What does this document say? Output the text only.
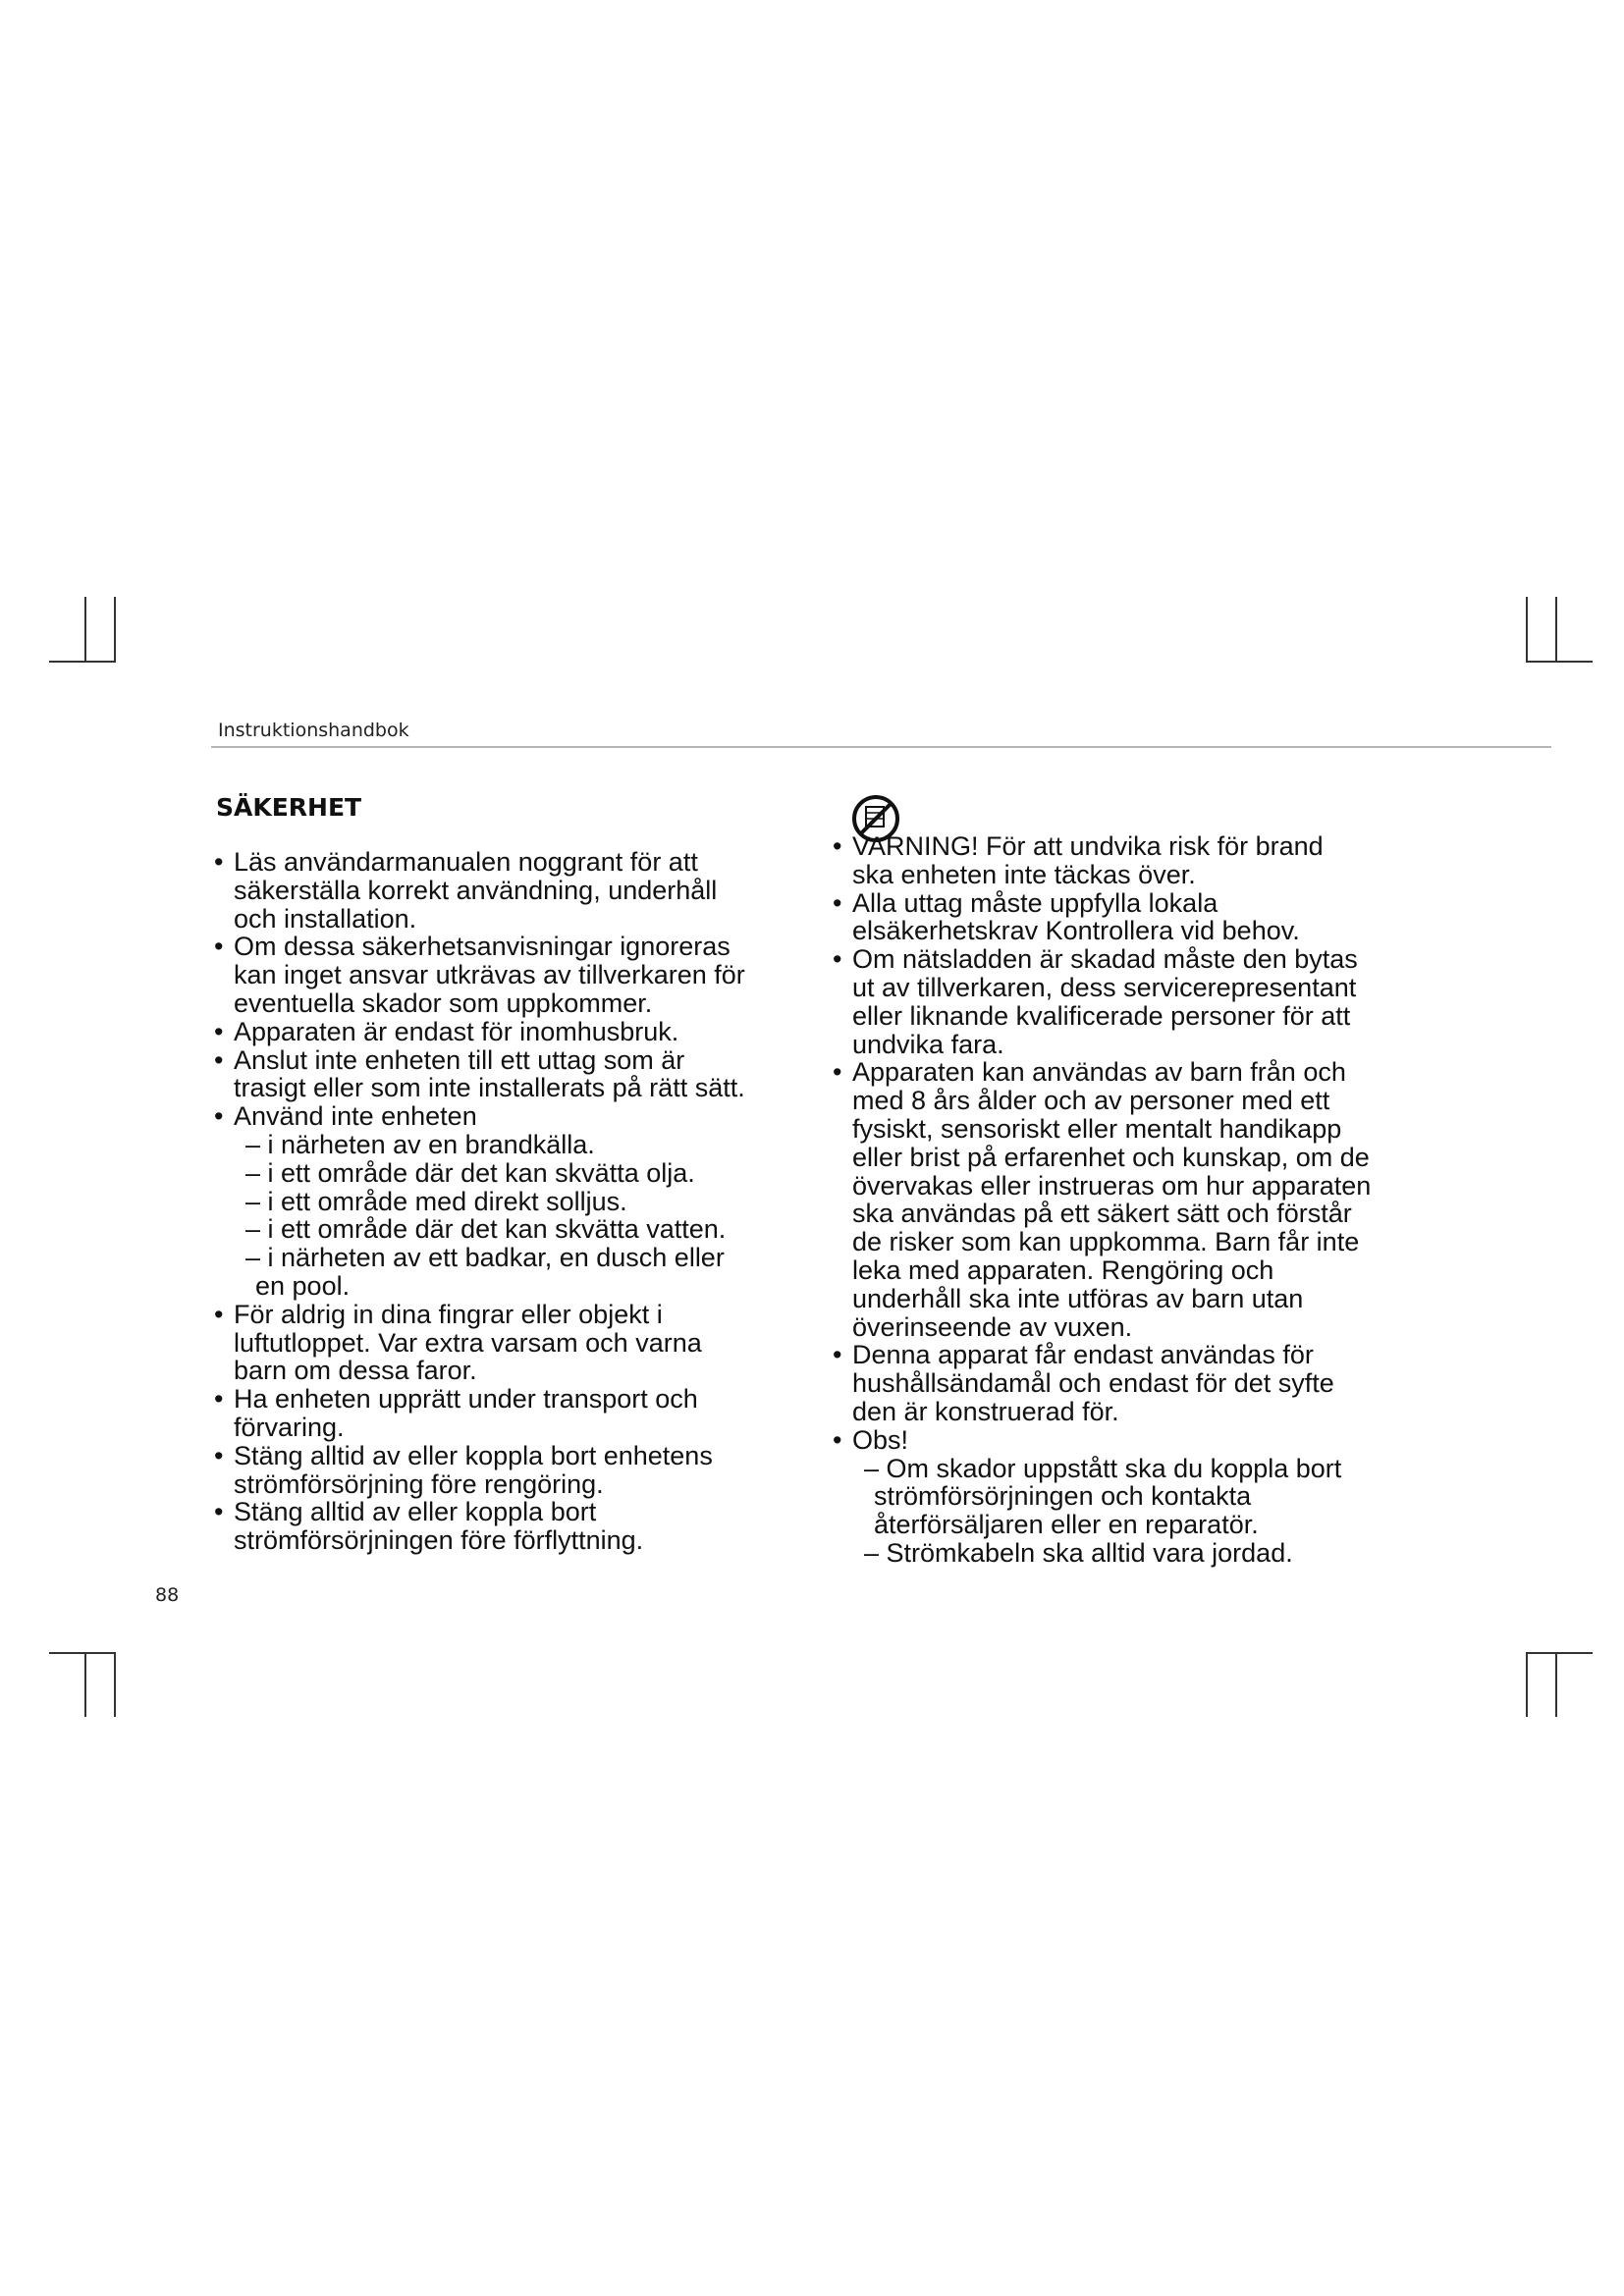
Instruktionshandbok
SÄKERHET
• Läs användarmanualen noggrant för att
säkerställa korrekt användning, underhåll
och installation.
• Om dessa säkerhetsanvisningar ignoreras
kan inget ansvar utkrävas av tillverkaren för
eventuella skador som uppkommer.
• Apparaten är endast för inomhusbruk.
• Anslut inte enheten till ett uttag som är
trasigt eller som inte installerats på rätt sätt.
• Använd inte enheten
– i närheten av en brandkälla.
– i ett område där det kan skvätta olja.
– i ett område med direkt solljus.
– i ett område där det kan skvätta vatten.
– i närheten av ett badkar, en dusch eller
en pool.
• För aldrig in dina fingrar eller objekt i
luftutloppet. Var extra varsam och varna
barn om dessa faror.
• Ha enheten upprätt under transport och
förvaring.
• Stäng alltid av eller koppla bort enhetens
strömförsörjning före rengöring.
• Stäng alltid av eller koppla bort
strömförsörjningen före förflyttning.
• VARNING! För att undvika risk för brand
ska enheten inte täckas över.
• Alla uttag måste uppfylla lokala
elsäkerhetskrav Kontrollera vid behov.
• Om nätsladden är skadad måste den bytas
ut av tillverkaren, dess servicerepresentant
eller liknande kvalificerade personer för att
undvika fara.
• Apparaten kan användas av barn från och
med 8 års ålder och av personer med ett
fysiskt, sensoriskt eller mentalt handikapp
eller brist på erfarenhet och kunskap, om de
övervakas eller instrueras om hur apparaten
ska användas på ett säkert sätt och förstår
de risker som kan uppkomma. Barn får inte
leka med apparaten. Rengöring och
underhåll ska inte utföras av barn utan
överinseende av vuxen.
• Denna apparat får endast användas för
hushållsändamål och endast för det syfte
den är konstruerad för.
• Obs!
– Om skador uppstått ska du koppla bort
strömförsörjningen och kontakta
återförsäljaren eller en reparatör.
– Strömkabeln ska alltid vara jordad.
88
